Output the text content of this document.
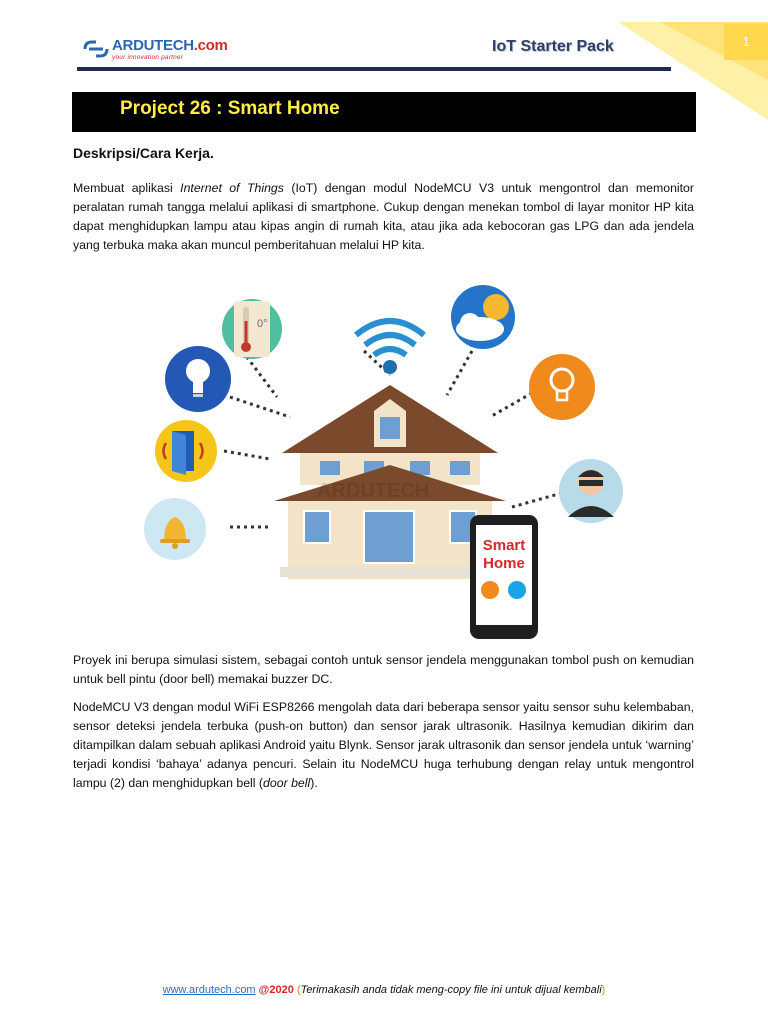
1
ARDUTECH.com
your innovation partner
IoT Starter Pack
Project 26 : Smart Home
Deskripsi/Cara Kerja.

Membuat aplikasi Internet of Things (IoT) dengan modul NodeMCU V3 untuk mengontrol dan memonitor peralatan rumah tangga melalui aplikasi di smartphone. Cukup dengan menekan tombol di layar monitor HP kita dapat menghidupkan lampu atau kipas angin di rumah kita, atau jika ada kebocoran gas LPG dan ada jendela yang terbuka maka akan muncul pemberitahuan melalui HP kita.

0°
ARDUTECH
Smart
Home

Proyek ini berupa simulasi sistem, sebagai contoh untuk sensor jendela menggunakan tombol push on kemudian untuk bell pintu (door bell) memakai buzzer DC.

NodeMCU V3 dengan modul WiFi ESP8266 mengolah data dari beberapa sensor yaitu sensor suhu kelembaban, sensor deteksi jendela terbuka (push-on button) dan sensor jarak ultrasonik. Hasilnya kemudian dikirim dan ditampilkan dalam sebuah aplikasi Android yaitu Blynk. Sensor jarak ultrasonik dan sensor jendela untuk ‘warning’ terjadi kondisi ‘bahaya’ adanya pencuri. Selain itu NodeMCU huga terhubung dengan relay untuk mengontrol lampu (2) dan menghidupkan bell (door bell).

www.ardutech.com @2020 (Terimakasih anda tidak meng-copy file ini untuk dijual kembali)
